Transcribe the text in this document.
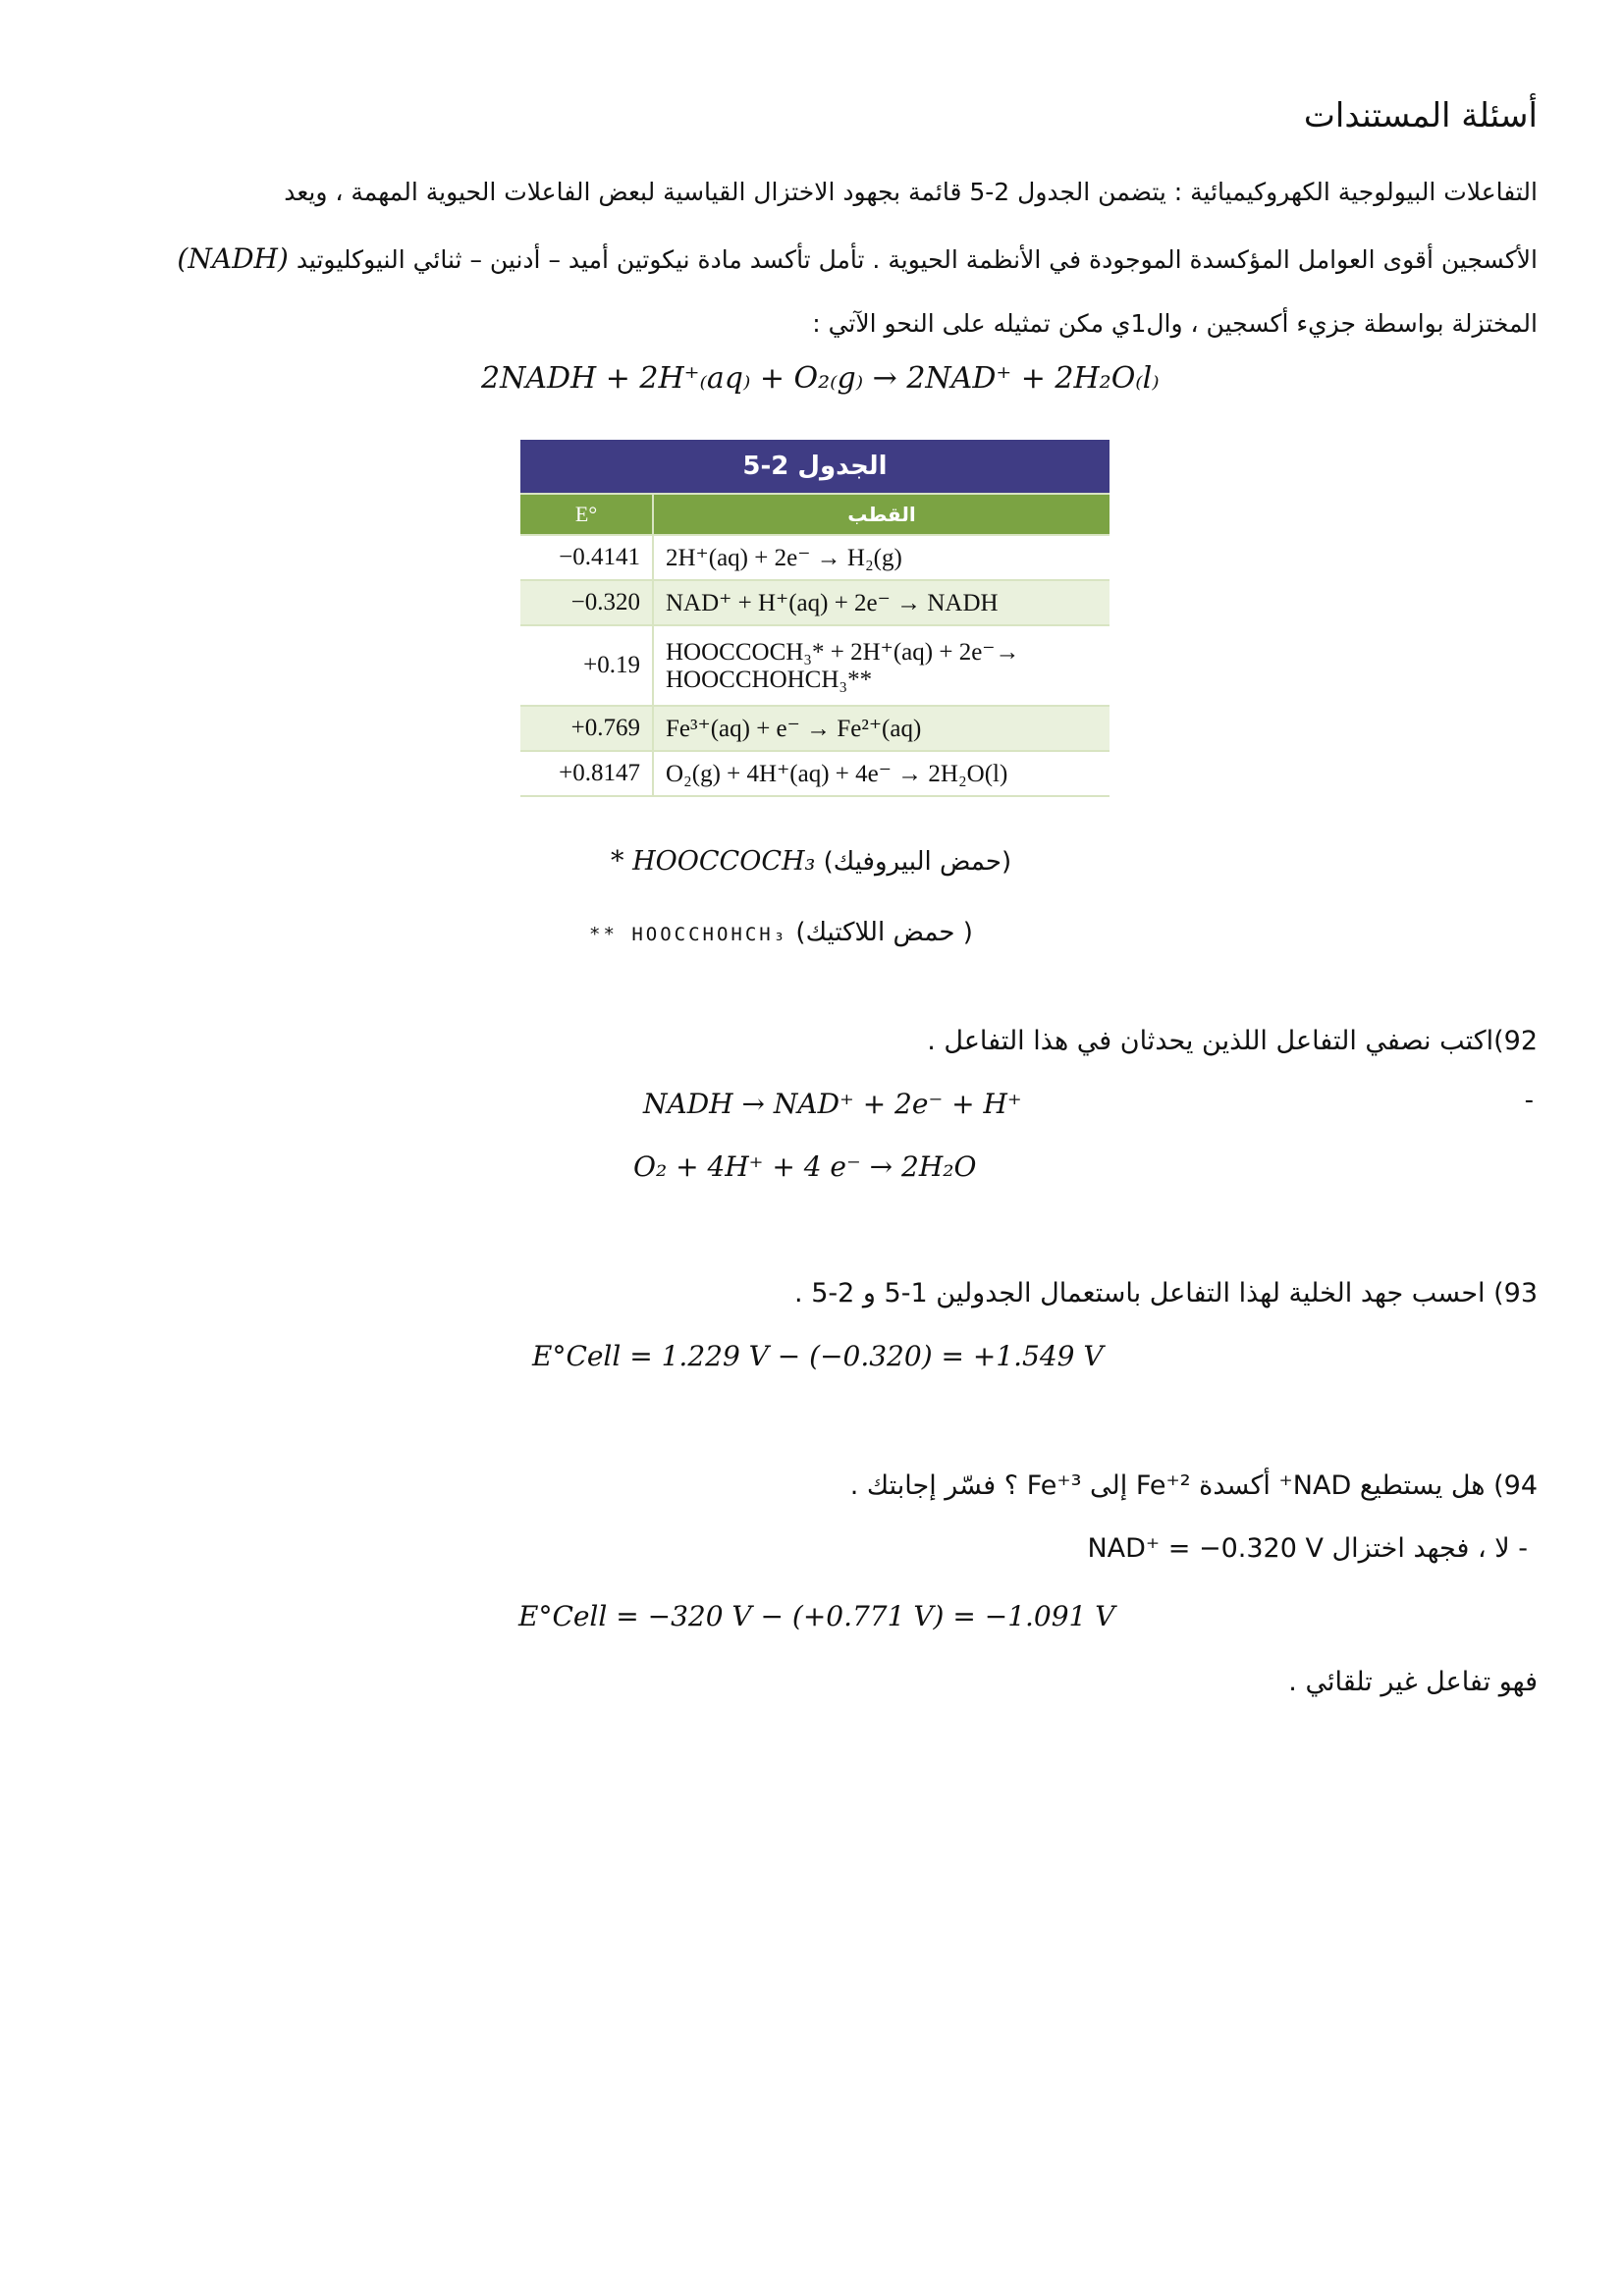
أسئلة المستندات
التفاعلات البيولوجية الكهروكيميائية : يتضمن الجدول 2-5 قائمة بجهود الاختزال القياسية لبعض الفاعلات الحيوية المهمة ، ويعد
الأكسجين أقوى العوامل المؤكسدة الموجودة في الأنظمة الحيوية . تأمل تأكسد مادة نيكوتين أميد – أدنين – ثنائي النيوكليوتيد (NADH)
المختزلة بواسطة جزيء أكسجين ، وال1ي مكن تمثيله على النحو الآتي :
2NADH + 2H⁺₍aq₎ + O₂₍g₎ → 2NAD⁺ + 2H₂O₍l₎
الجدول 2-5	
E°	القطب
−0.4141	2H⁺(aq) + 2e⁻ → H₂(g)
−0.320	NAD⁺ + H⁺(aq) + 2e⁻ → NADH
+0.19	HOOCCOCH₃* + 2H⁺(aq) + 2e⁻→
HOOCCHOHCH₃**

+0.769	Fe³⁺(aq) + e⁻ → Fe²⁺(aq)
+0.8147	O₂(g) + 4H⁺(aq) + 4e⁻ → 2H₂O(l)
* HOOCCOCH₃ (حمض البيروفيك)
** HOOCCHOHCH₃ ( حمض اللاكتيك)
92)اكتب نصفي التفاعل اللذين يحدثان في هذا التفاعل .
-
NADH → NAD⁺ + 2e⁻ + H⁺
O₂ + 4H⁺ + 4 e⁻ → 2H₂O
93) احسب جهد الخلية لهذا التفاعل باستعمال الجدولين 1-5 و 2-5 .
E°Cell = 1.229 V − (−0.320) = +1.549 V
94) هل يستطيع NAD⁺ أكسدة Fe⁺² إلى Fe⁺³ ؟ فسّر إجابتك .
- لا ، فجهد اختزال NAD⁺ = −0.320 V
E°Cell = −320 V − (+0.771 V) = −1.091 V
فهو تفاعل غير تلقائي .
